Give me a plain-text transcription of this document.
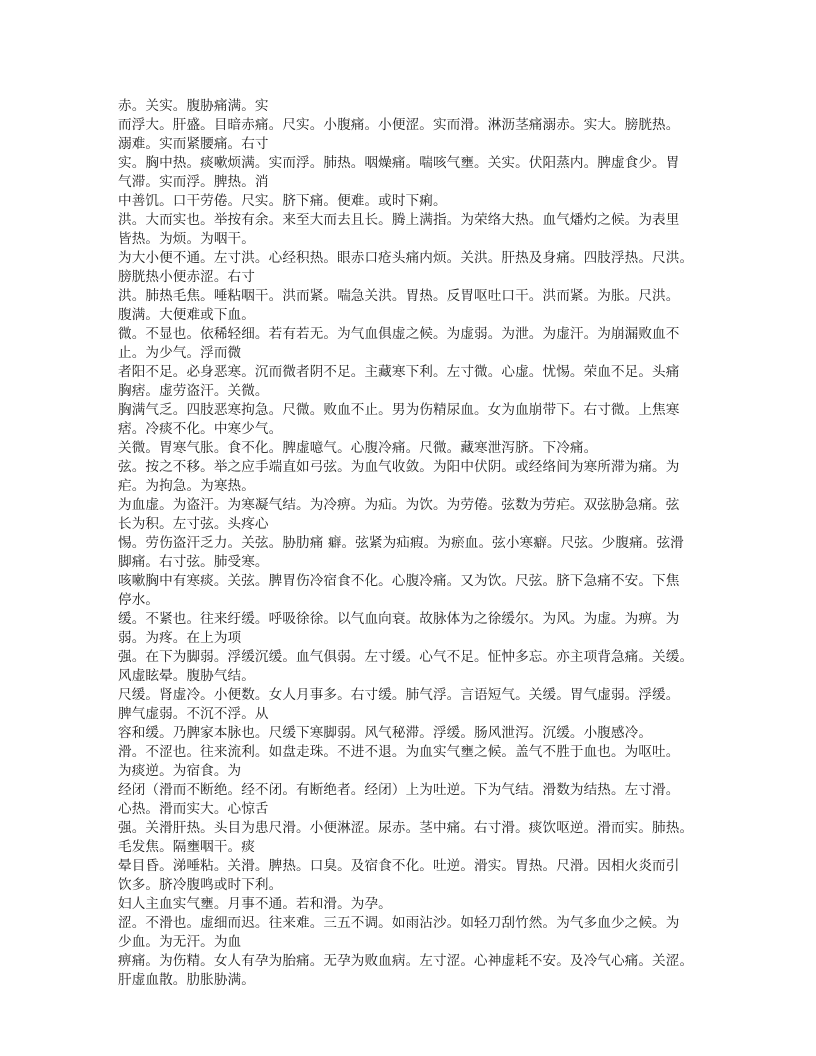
赤。关实。腹胁痛满。实
而浮大。肝盛。目暗赤痛。尺实。小腹痛。小便涩。实而滑。淋沥茎痛溺赤。实大。膀胱热。
溺难。实而紧腰痛。右寸
实。胸中热。痰嗽烦满。实而浮。肺热。咽燥痛。喘咳气壅。关实。伏阳蒸内。脾虚食少。胃
气滞。实而浮。脾热。消
中善饥。口干劳倦。尺实。脐下痛。便难。或时下痢。
洪。大而实也。举按有余。来至大而去且长。腾上满指。为荣络大热。血气燔灼之候。为表里
皆热。为烦。为咽干。
为大小便不通。左寸洪。心经积热。眼赤口疮头痛内烦。关洪。肝热及身痛。四肢浮热。尺洪。
膀胱热小便赤涩。右寸
洪。肺热毛焦。唾粘咽干。洪而紧。喘急关洪。胃热。反胃呕吐口干。洪而紧。为胀。尺洪。
腹满。大便难或下血。
微。不显也。依稀轻细。若有若无。为气血俱虚之候。为虚弱。为泄。为虚汗。为崩漏败血不
止。为少气。浮而微
者阳不足。必身恶寒。沉而微者阴不足。主藏寒下利。左寸微。心虚。忧惕。荣血不足。头痛
胸痞。虚劳盗汗。关微。
胸满气乏。四肢恶寒拘急。尺微。败血不止。男为伤精尿血。女为血崩带下。右寸微。上焦寒
痞。冷痰不化。中寒少气。
关微。胃寒气胀。食不化。脾虚噫气。心腹冷痛。尺微。藏寒泄泻脐。下冷痛。
弦。按之不移。举之应手端直如弓弦。为血气收敛。为阳中伏阴。或经络间为寒所滞为痛。为
疟。为拘急。为寒热。
为血虚。为盗汗。为寒凝气结。为冷痹。为疝。为饮。为劳倦。弦数为劳疟。双弦胁急痛。弦
长为积。左寸弦。头疼心
惕。劳伤盗汗乏力。关弦。胁肋痛 癖。弦紧为疝瘕。为瘀血。弦小寒癖。尺弦。少腹痛。弦滑
脚痛。右寸弦。肺受寒。
咳嗽胸中有寒痰。关弦。脾胃伤冷宿食不化。心腹冷痛。又为饮。尺弦。脐下急痛不安。下焦
停水。
缓。不紧也。往来纡缓。呼吸徐徐。以气血向衰。故脉体为之徐缓尔。为风。为虚。为痹。为
弱。为疼。在上为项
强。在下为脚弱。浮缓沉缓。血气俱弱。左寸缓。心气不足。怔忡多忘。亦主项背急痛。关缓。
风虚眩晕。腹胁气结。
尺缓。肾虚冷。小便数。女人月事多。右寸缓。肺气浮。言语短气。关缓。胃气虚弱。浮缓。
脾气虚弱。不沉不浮。从
容和缓。乃脾家本脉也。尺缓下寒脚弱。风气秘滞。浮缓。肠风泄泻。沉缓。小腹感冷。
滑。不涩也。往来流利。如盘走珠。不进不退。为血实气壅之候。盖气不胜于血也。为呕吐。
为痰逆。为宿食。为
经闭（滑而不断绝。经不闭。有断绝者。经闭）上为吐逆。下为气结。滑数为结热。左寸滑。
心热。滑而实大。心惊舌
强。关滑肝热。头目为患尺滑。小便淋涩。尿赤。茎中痛。右寸滑。痰饮呕逆。滑而实。肺热。
毛发焦。隔壅咽干。痰
晕目昏。涕唾粘。关滑。脾热。口臭。及宿食不化。吐逆。滑实。胃热。尺滑。因相火炎而引
饮多。脐冷腹鸣或时下利。
妇人主血实气壅。月事不通。若和滑。为孕。
涩。不滑也。虚细而迟。往来难。三五不调。如雨沾沙。如轻刀刮竹然。为气多血少之候。为
少血。为无汗。为血
痹痛。为伤精。女人有孕为胎痛。无孕为败血病。左寸涩。心神虚耗不安。及冷气心痛。关涩。
肝虚血散。肋胀胁满。
